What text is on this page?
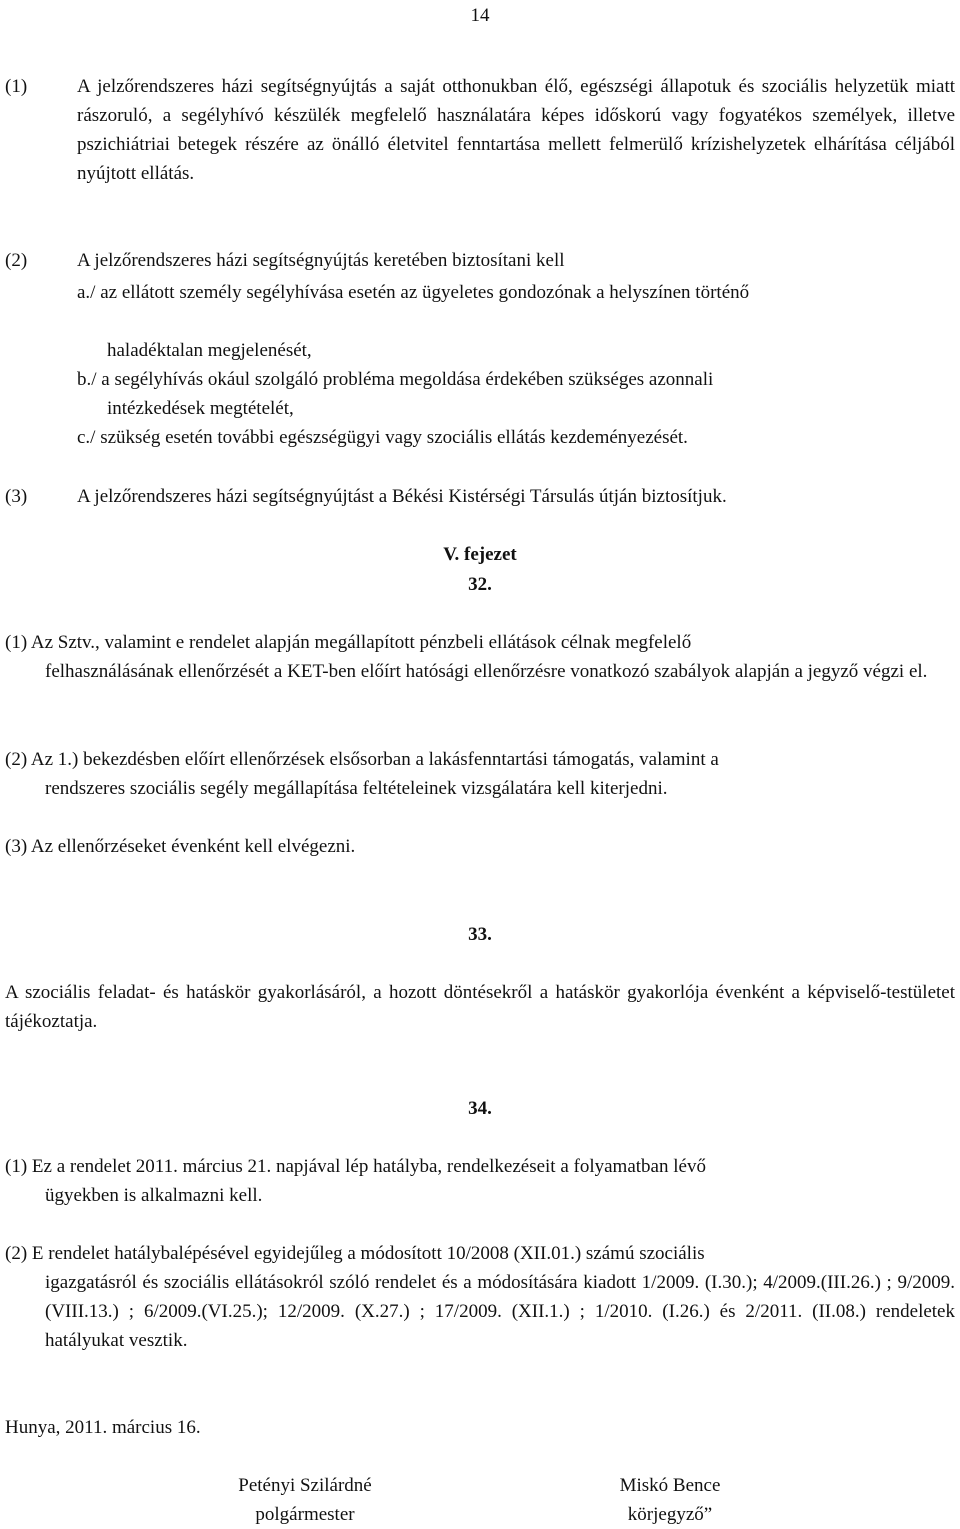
14
(1)	A jelzőrendszeres házi segítségnyújtás a saját otthonukban élő, egészségi állapotuk és szociális helyzetük miatt rászoruló, a segélyhívó készülék megfelelő használatára képes időskorú vagy fogyatékos személyek, illetve pszichiátriai betegek részére az önálló életvitel fenntartása mellett felmerülő krízishelyzetek elhárítása céljából nyújtott ellátás.
(2)	A jelzőrendszeres házi segítségnyújtás keretében biztosítani kell
a./ az ellátott személy segélyhívása esetén az ügyeletes gondozónak a helyszínen történő
haladéktalan megjelenését,
b./ a segélyhívás okául szolgáló probléma megoldása érdekében szükséges azonnali
intézkedések megtételét,
c./ szükség esetén további egészségügyi vagy szociális ellátás kezdeményezését.
(3)	A jelzőrendszeres házi segítségnyújtást a Békési Kistérségi Társulás útján biztosítjuk.
V. fejezet
32.
(1) Az Sztv., valamint e rendelet alapján megállapított pénzbeli ellátások célnak megfelelő
felhasználásának ellenőrzését a KET-ben előírt hatósági ellenőrzésre vonatkozó szabályok alapján a jegyző végzi el.
(2) Az 1.) bekezdésben előírt ellenőrzések elsősorban a lakásfenntartási támogatás, valamint a
rendszeres szociális segély megállapítása feltételeinek vizsgálatára kell kiterjedni.
(3) Az ellenőrzéseket évenként kell elvégezni.
33.
A szociális feladat- és hatáskör gyakorlásáról, a hozott döntésekről a hatáskör gyakorlója évenként a képviselő-testületet tájékoztatja.
34.
(1) Ez a rendelet 2011. március 21. napjával lép hatályba, rendelkezéseit a folyamatban lévő
ügyekben is alkalmazni kell.
(2) E rendelet hatálybalépésével egyidejűleg a módosított 10/2008 (XII.01.) számú szociális
igazgatásról és szociális ellátásokról szóló rendelet és a módosítására kiadott 1/2009. (I.30.); 4/2009.(III.26.) ; 9/2009. (VIII.13.) ; 6/2009.(VI.25.); 12/2009. (X.27.) ; 17/2009. (XII.1.) ; 1/2010. (I.26.) és 2/2011. (II.08.) rendeletek hatályukat vesztik.
Hunya, 2011. március 16.
Petényi Szilárdné
polgármester
Miskó Bence
körjegyző”
